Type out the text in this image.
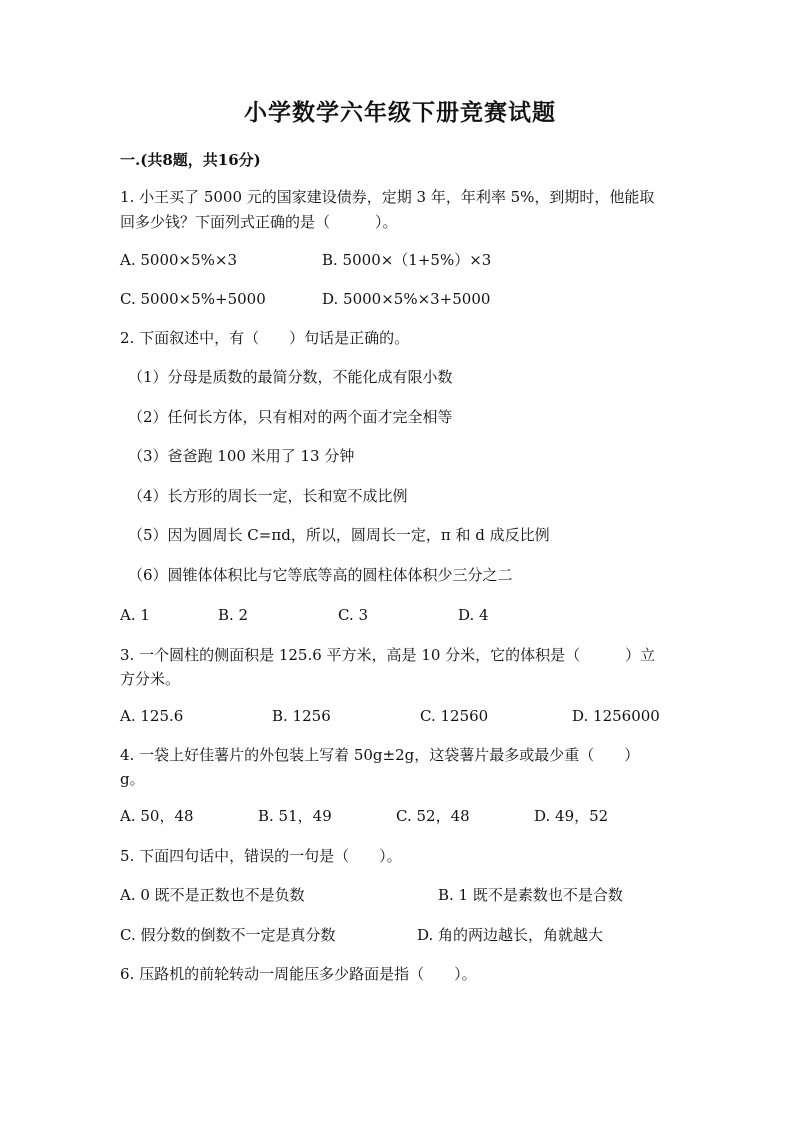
小学数学六年级下册竞赛试题
一.(共8题，共16分)
1. 小王买了 5000 元的国家建设债券，定期 3 年，年利率 5%，到期时，他能取
回多少钱？下面列式正确的是（　　　）。
A. 5000×5%×3	B. 5000×（1+5%）×3
C. 5000×5%+5000	D. 5000×5%×3+5000
2. 下面叙述中，有（　　）句话是正确的。
（1）分母是质数的最简分数，不能化成有限小数
（2）任何长方体，只有相对的两个面才完全相等
（3）爸爸跑 100 米用了 13 分钟
（4）长方形的周长一定，长和宽不成比例
（5）因为圆周长 C=πd，所以，圆周长一定，π 和 d 成反比例
（6）圆锥体体积比与它等底等高的圆柱体体积少三分之二
A. 1	B. 2	C. 3	D. 4
3. 一个圆柱的侧面积是 125.6 平方米，高是 10 分米，它的体积是（　　　）立
方分米。
A. 125.6	B. 1256	C. 12560	D. 1256000
4. 一袋上好佳薯片的外包装上写着 50g±2g，这袋薯片最多或最少重（　　）
g。
A. 50，48	B. 51，49	C. 52，48	D. 49，52
5. 下面四句话中，错误的一句是（　　）。
A. 0 既不是正数也不是负数	B. 1 既不是素数也不是合数
C. 假分数的倒数不一定是真分数	D. 角的两边越长，角就越大
6. 压路机的前轮转动一周能压多少路面是指（　　）。
